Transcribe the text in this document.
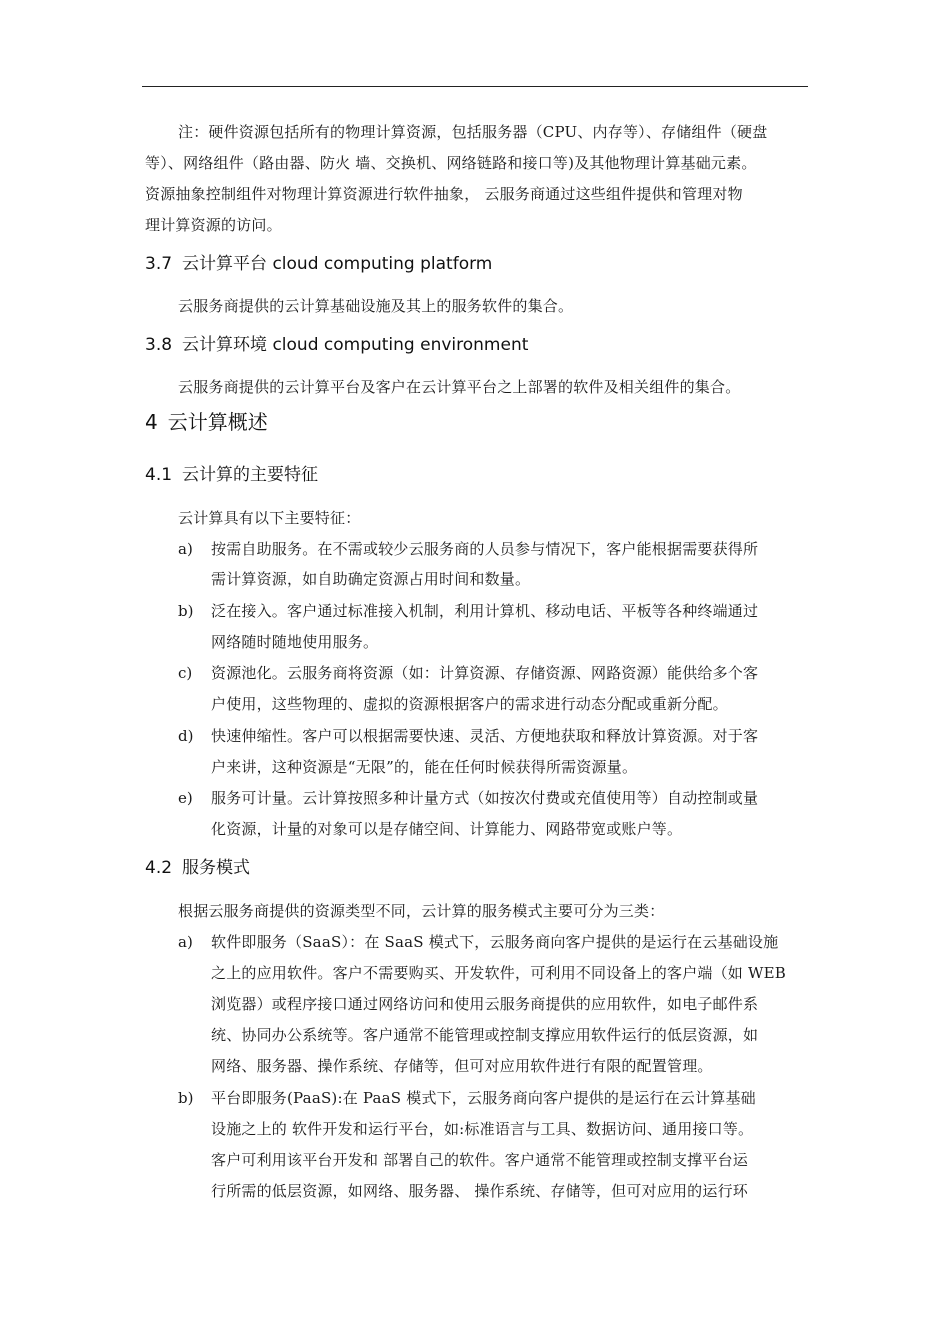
注：硬件资源包括所有的物理计算资源，包括服务器（CPU、内存等）、存储组件（硬盘
等）、网络组件（路由器、防火 墙、交换机、网络链路和接口等)及其他物理计算基础元素。
资源抽象控制组件对物理计算资源进行软件抽象， 云服务商通过这些组件提供和管理对物
理计算资源的访问。
3.7 云计算平台 cloud computing platform
云服务商提供的云计算基础设施及其上的服务软件的集合。
3.8 云计算环境 cloud computing environment
云服务商提供的云计算平台及客户在云计算平台之上部署的软件及相关组件的集合。
4 云计算概述
4.1 云计算的主要特征
云计算具有以下主要特征：
a) 按需自助服务。在不需或较少云服务商的人员参与情况下，客户能根据需要获得所
需计算资源，如自助确定资源占用时间和数量。
b) 泛在接入。客户通过标准接入机制，利用计算机、移动电话、平板等各种终端通过
网络随时随地使用服务。
c) 资源池化。云服务商将资源（如：计算资源、存储资源、网路资源）能供给多个客
户使用，这些物理的、虚拟的资源根据客户的需求进行动态分配或重新分配。
d) 快速伸缩性。客户可以根据需要快速、灵活、方便地获取和释放计算资源。对于客
户来讲，这种资源是“无限”的，能在任何时候获得所需资源量。
e) 服务可计量。云计算按照多种计量方式（如按次付费或充值使用等）自动控制或量
化资源，计量的对象可以是存储空间、计算能力、网路带宽或账户等。
4.2 服务模式
根据云服务商提供的资源类型不同，云计算的服务模式主要可分为三类：
a) 软件即服务（SaaS）：在 SaaS 模式下，云服务商向客户提供的是运行在云基础设施
之上的应用软件。客户不需要购买、开发软件，可利用不同设备上的客户端（如 WEB
浏览器）或程序接口通过网络访问和使用云服务商提供的应用软件，如电子邮件系
统、协同办公系统等。客户通常不能管理或控制支撑应用软件运行的低层资源，如
网络、服务器、操作系统、存储等，但可对应用软件进行有限的配置管理。
b) 平台即服务(PaaS):在 PaaS 模式下，云服务商向客户提供的是运行在云计算基础
设施之上的 软件开发和运行平台，如:标准语言与工具、数据访问、通用接口等。
客户可利用该平台开发和 部署自己的软件。客户通常不能管理或控制支撑平台运
行所需的低层资源，如网络、服务器、 操作系统、存储等，但可对应用的运行环
